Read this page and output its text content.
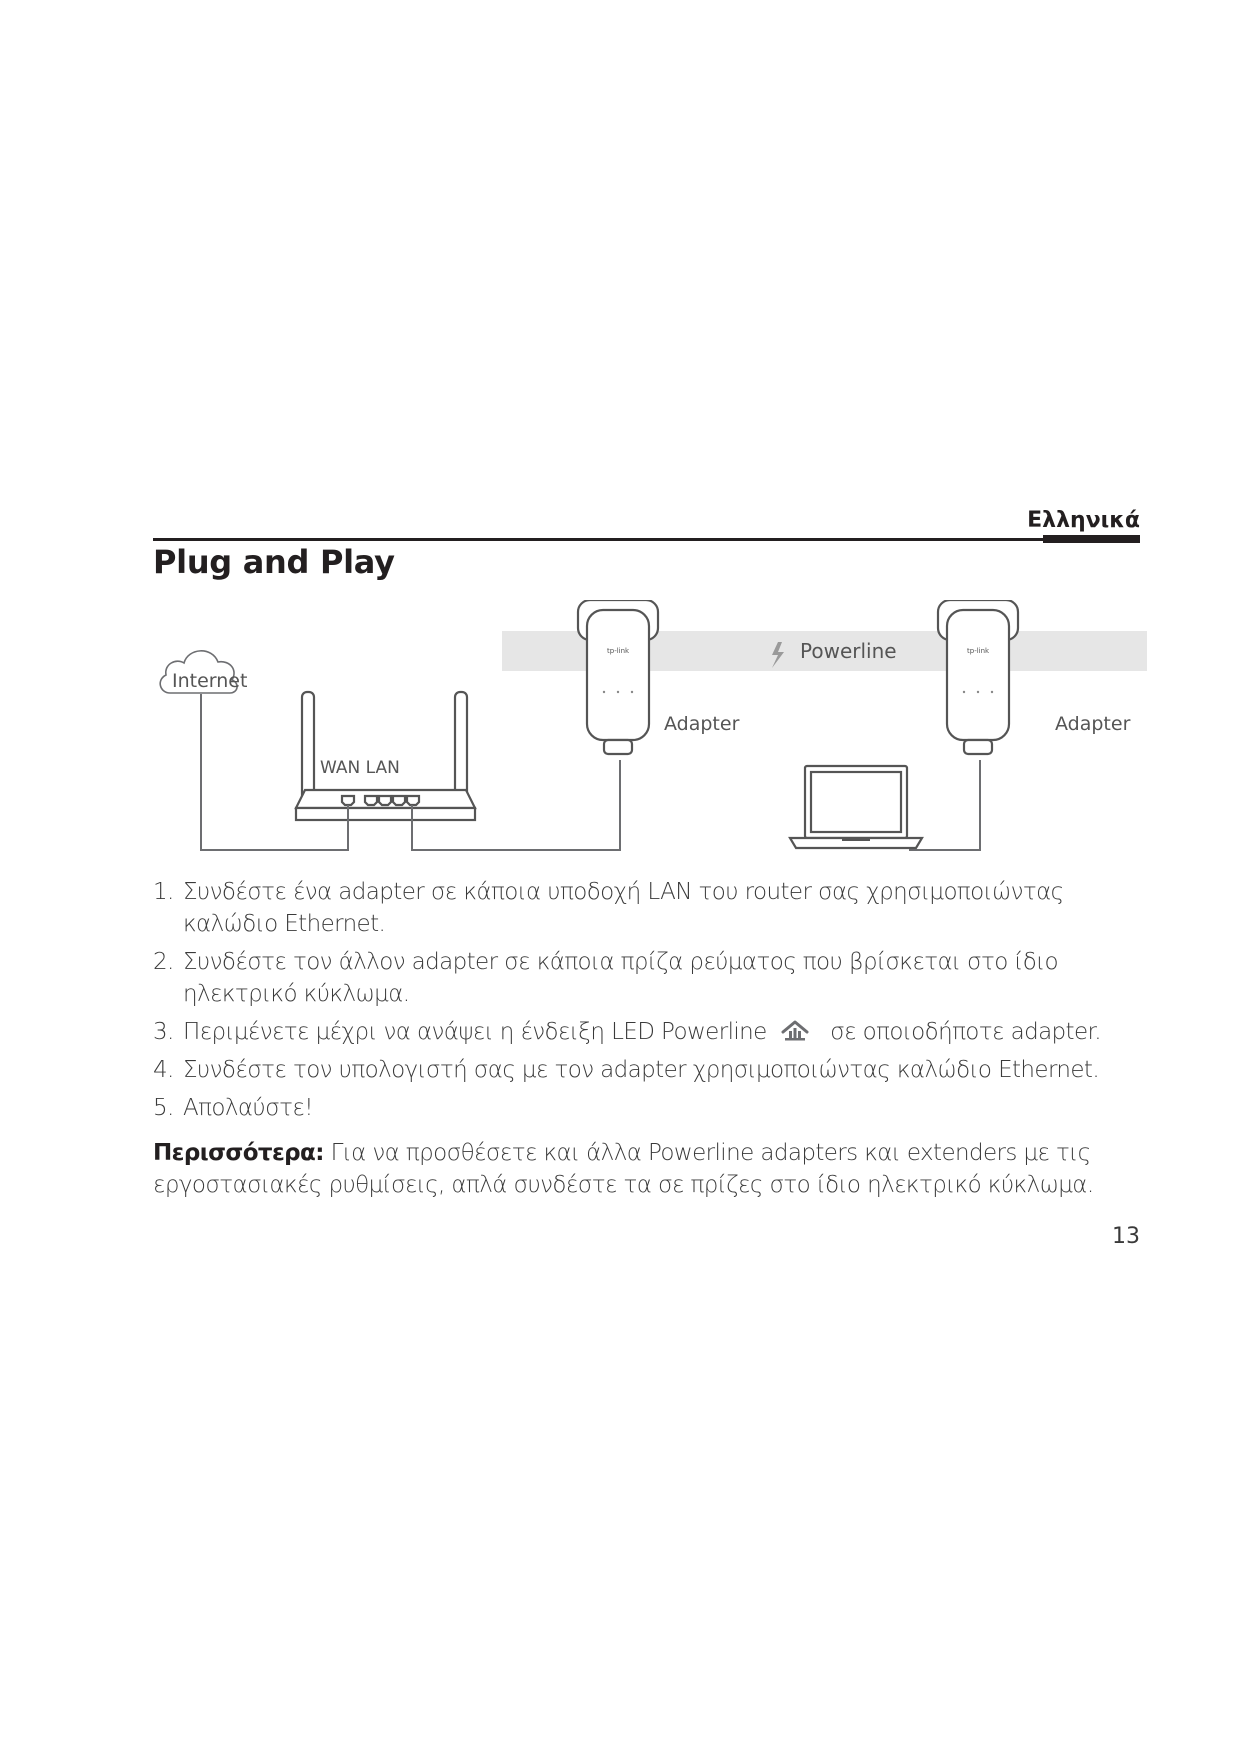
Ελληνικά
Plug and Play
Powerline
Internet
WAN LAN
tp-link
Adapter
tp-link
Adapter
1. Συνδέστε ένα adapter σε κάποια υποδοχή LAN του router σας χρησιμοποιώντας καλώδιο Ethernet.
2. Συνδέστε τον άλλον adapter σε κάποια πρίζα ρεύματος που βρίσκεται στο ίδιο ηλεκτρικό κύκλωμα.
3. Περιμένετε μέχρι να ανάψει η ένδειξη LED Powerline	σε οποιοδήποτε adapter.
4. Συνδέστε τον υπολογιστή σας με τον adapter χρησιμοποιώντας καλώδιο Ethernet.
5. Απολαύστε!

Περισσότερα: Για να προσθέσετε και άλλα Powerline adapters και extenders με τις εργοστασιακές ρυθμίσεις, απλά συνδέστε τα σε πρίζες στο ίδιο ηλεκτρικό κύκλωμα.

13
